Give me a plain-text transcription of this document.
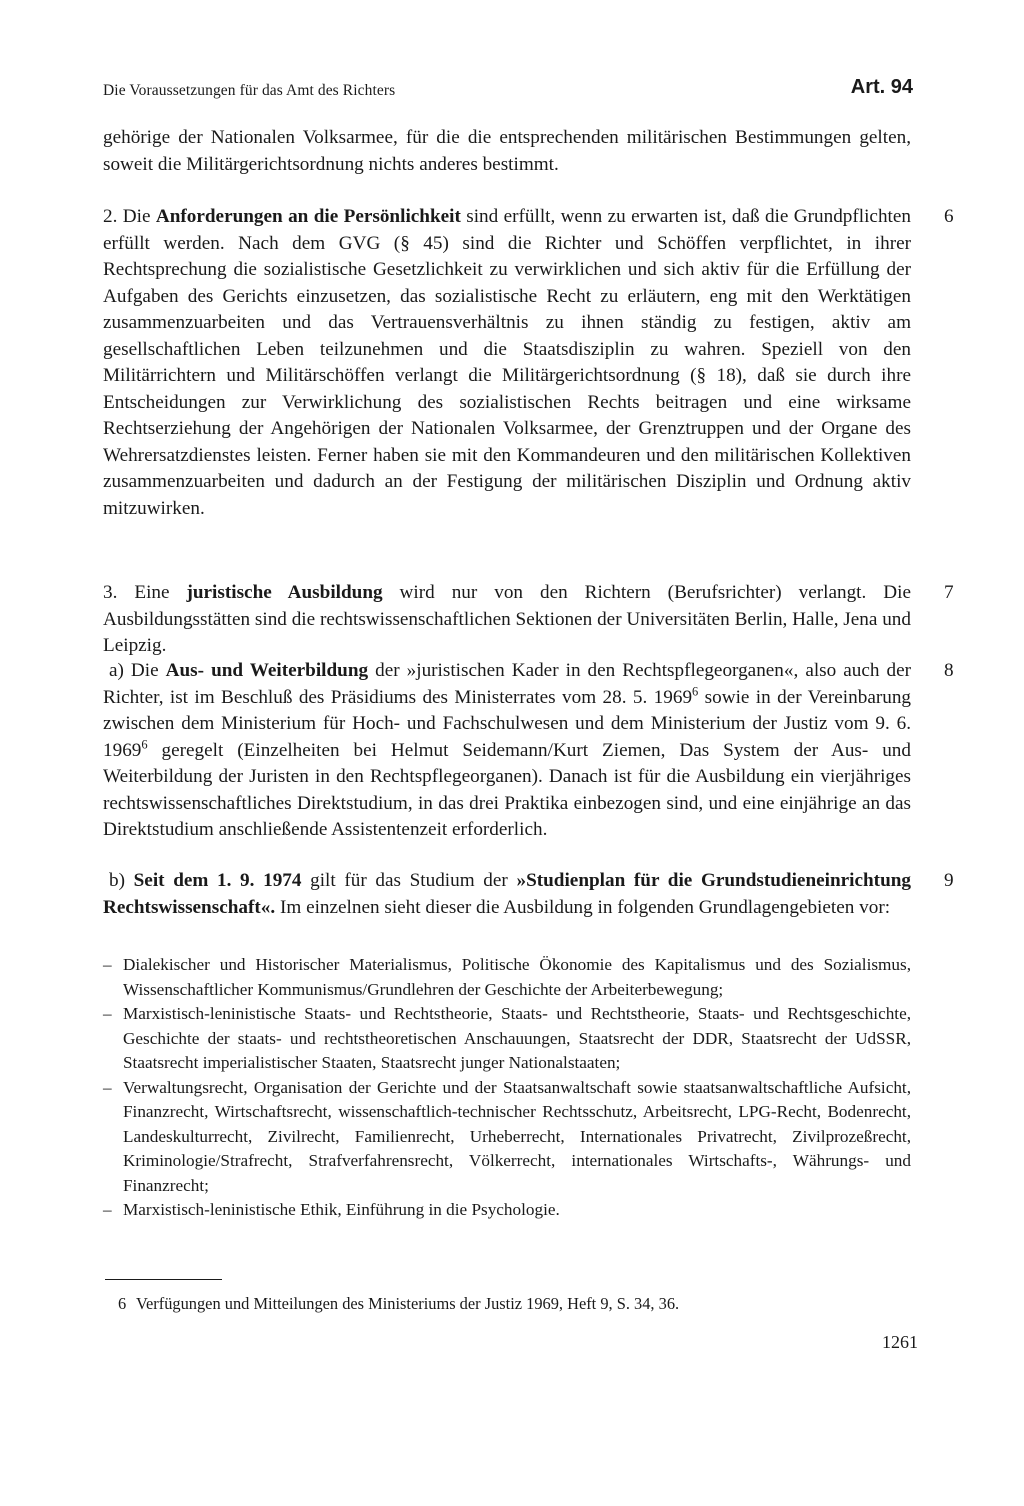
Die Voraussetzungen für das Amt des Richters	Art. 94
gehörige der Nationalen Volksarmee, für die die entsprechenden militärischen Bestimmungen gelten, soweit die Militärgerichtsordnung nichts anderes bestimmt.
2. Die Anforderungen an die Persönlichkeit sind erfüllt, wenn zu erwarten ist, daß die Grundpflichten erfüllt werden. Nach dem GVG (§ 45) sind die Richter und Schöffen verpflichtet, in ihrer Rechtsprechung die sozialistische Gesetzlichkeit zu verwirklichen und sich aktiv für die Erfüllung der Aufgaben des Gerichts einzusetzen, das sozialistische Recht zu erläutern, eng mit den Werktätigen zusammenzuarbeiten und das Vertrauensverhältnis zu ihnen ständig zu festigen, aktiv am gesellschaftlichen Leben teilzunehmen und die Staatsdisziplin zu wahren. Speziell von den Militärrichtern und Militärschöffen verlangt die Militärgerichtsordnung (§ 18), daß sie durch ihre Entscheidungen zur Verwirklichung des sozialistischen Rechts beitragen und eine wirksame Rechtserziehung der Angehörigen der Nationalen Volksarmee, der Grenztruppen und der Organe des Wehrersatzdienstes leisten. Ferner haben sie mit den Kommandeuren und den militärischen Kollektiven zusammenzuarbeiten und dadurch an der Festigung der militärischen Disziplin und Ordnung aktiv mitzuwirken.
6
3. Eine juristische Ausbildung wird nur von den Richtern (Berufsrichter) verlangt. Die Ausbildungsstätten sind die rechtswissenschaftlichen Sektionen der Universitäten Berlin, Halle, Jena und Leipzig.
7
a) Die Aus- und Weiterbildung der »juristischen Kader in den Rechtspflegeorganen«, also auch der Richter, ist im Beschluß des Präsidiums des Ministerrates vom 28. 5. 1969$^6$ sowie in der Vereinbarung zwischen dem Ministerium für Hoch- und Fachschulwesen und dem Ministerium der Justiz vom 9. 6. 1969$^6$ geregelt (Einzelheiten bei Helmut Seidemann/Kurt Ziemen, Das System der Aus- und Weiterbildung der Juristen in den Rechtspflegeorganen). Danach ist für die Ausbildung ein vierjähriges rechtswissenschaftliches Direktstudium, in das drei Praktika einbezogen sind, und eine einjährige an das Direktstudium anschließende Assistentenzeit erforderlich.
8
b) Seit dem 1. 9. 1974 gilt für das Studium der »Studienplan für die Grundstudieneinrichtung Rechtswissenschaft«. Im einzelnen sieht dieser die Ausbildung in folgenden Grundlagengebieten vor:
9
– Dialekischer und Historischer Materialismus, Politische Ökonomie des Kapitalismus und des Sozialismus, Wissenschaftlicher Kommunismus/Grundlehren der Geschichte der Arbeiterbewegung;
– Marxistisch-leninistische Staats- und Rechtstheorie, Staats- und Rechtstheorie, Staats- und Rechtsgeschichte, Geschichte der staats- und rechtstheoretischen Anschauungen, Staatsrecht der DDR, Staatsrecht der UdSSR, Staatsrecht imperialistischer Staaten, Staatsrecht junger Nationalstaaten;
– Verwaltungsrecht, Organisation der Gerichte und der Staatsanwaltschaft sowie staatsanwaltschaftliche Aufsicht, Finanzrecht, Wirtschaftsrecht, wissenschaftlich-technischer Rechtsschutz, Arbeitsrecht, LPG-Recht, Bodenrecht, Landeskulturrecht, Zivilrecht, Familienrecht, Urheberrecht, Internationales Privatrecht, Zivilprozeßrecht, Kriminologie/Strafrecht, Strafverfahrensrecht, Völkerrecht, internationales Wirtschafts-, Währungs- und Finanzrecht;
– Marxistisch-leninistische Ethik, Einführung in die Psychologie.
6 Verfügungen und Mitteilungen des Ministeriums der Justiz 1969, Heft 9, S. 34, 36.
1261
